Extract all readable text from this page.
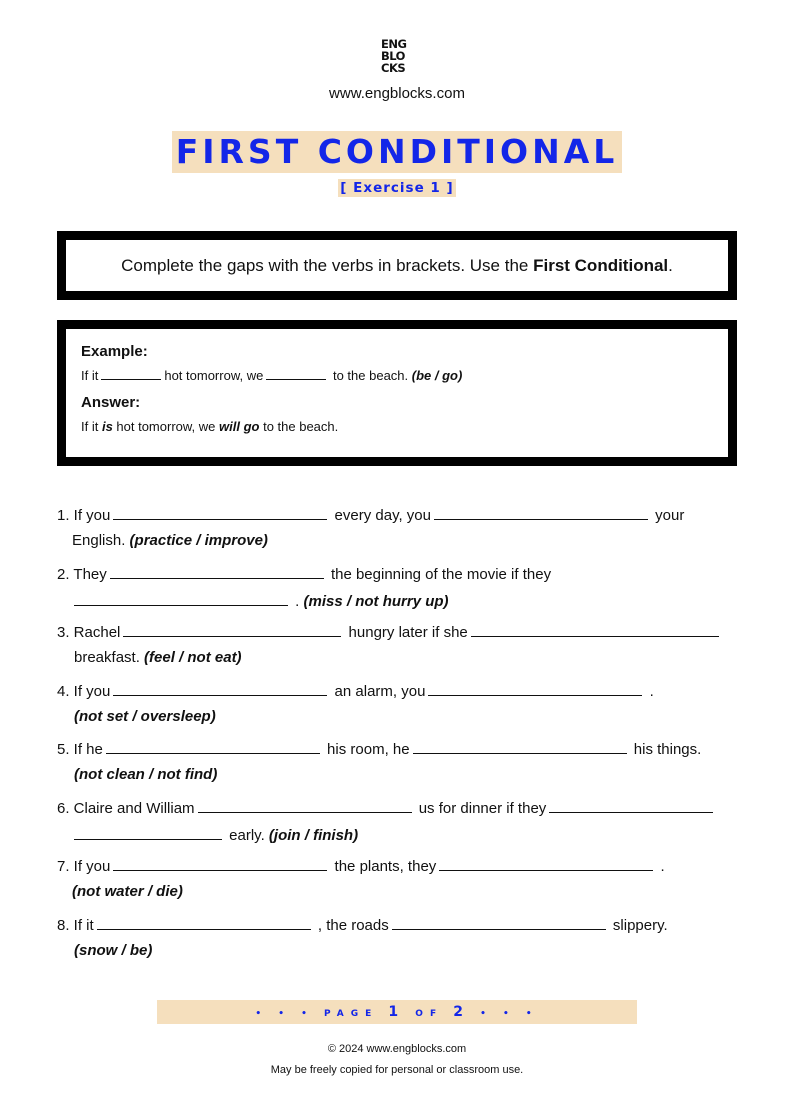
ENG
BLO
CKS
www.engblocks.com
FIRST CONDITIONAL
[ Exercise 1 ]
Complete the gaps with the verbs in brackets. Use the First Conditional.
Example:
If it	hot tomorrow, we	to the beach. (be / go)
Answer:
If it is hot tomorrow, we will go to the beach.
1. If you	every day, you	your
English. (practice / improve)
2. They	the beginning of the movie if they
. (miss / not hurry up)
3. Rachel	hungry later if she
breakfast. (feel / not eat)
4. If you	an alarm, you	.
(not set / oversleep)
5. If he	his room, he	his things.
(not clean / not find)
6. Claire and William	us for dinner if they
early. (join / finish)
7. If you	the plants, they	.
(not water / die)
8. If it	, the roads	slippery.
(snow / be)
• • • PAGE 1 OF 2 • • •
© 2024 www.engblocks.com
May be freely copied for personal or classroom use.
